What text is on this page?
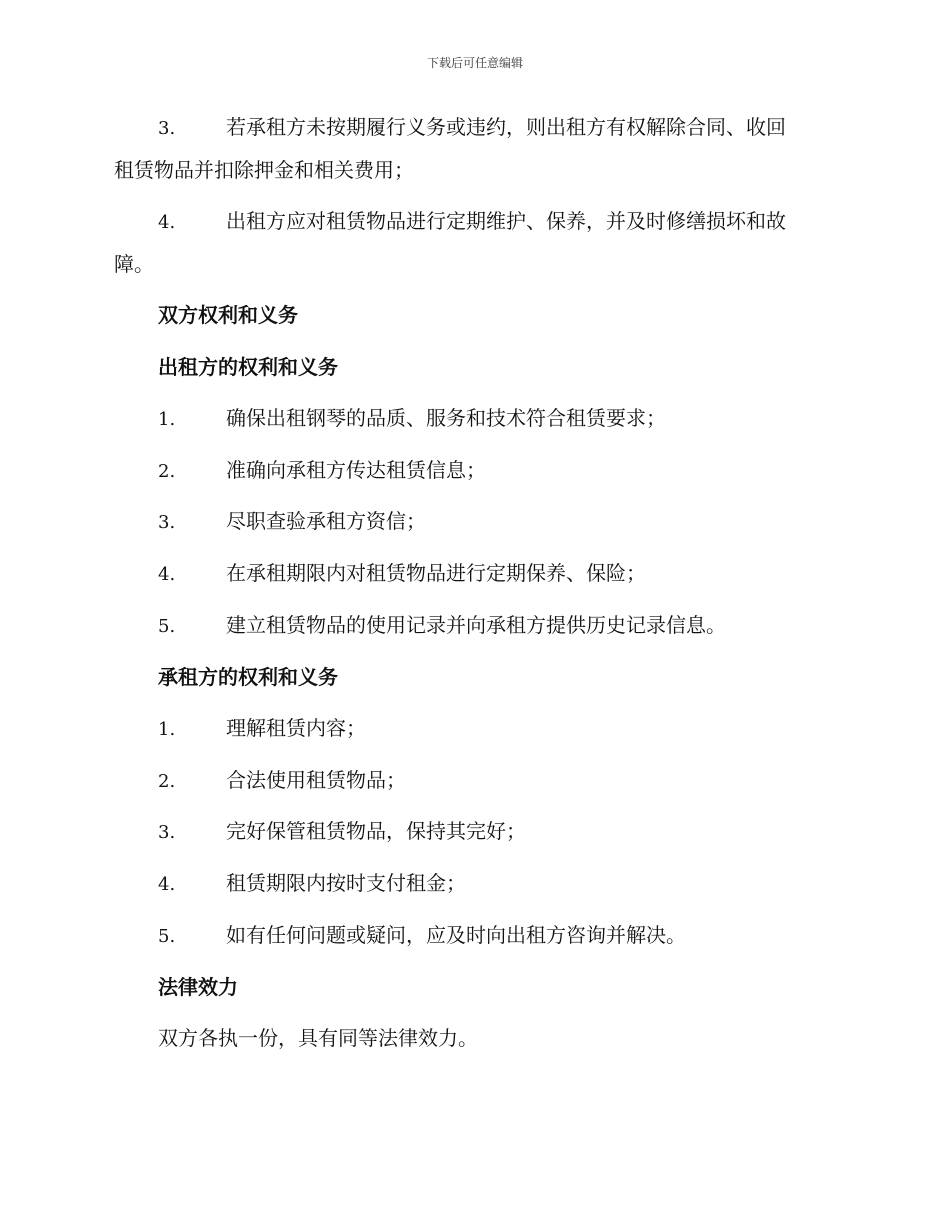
下载后可任意编辑
3.	若承租方未按期履行义务或违约，则出租方有权解除合同、收回
租赁物品并扣除押金和相关费用；
4.	出租方应对租赁物品进行定期维护、保养，并及时修缮损坏和故
障。
双方权利和义务
出租方的权利和义务
1.	确保出租钢琴的品质、服务和技术符合租赁要求；
2.	准确向承租方传达租赁信息；
3.	尽职查验承租方资信；
4.	在承租期限内对租赁物品进行定期保养、保险；
5.	建立租赁物品的使用记录并向承租方提供历史记录信息。
承租方的权利和义务
1.	理解租赁内容；
2.	合法使用租赁物品；
3.	完好保管租赁物品，保持其完好；
4.	租赁期限内按时支付租金；
5.	如有任何问题或疑问，应及时向出租方咨询并解决。
法律效力
双方各执一份，具有同等法律效力。
